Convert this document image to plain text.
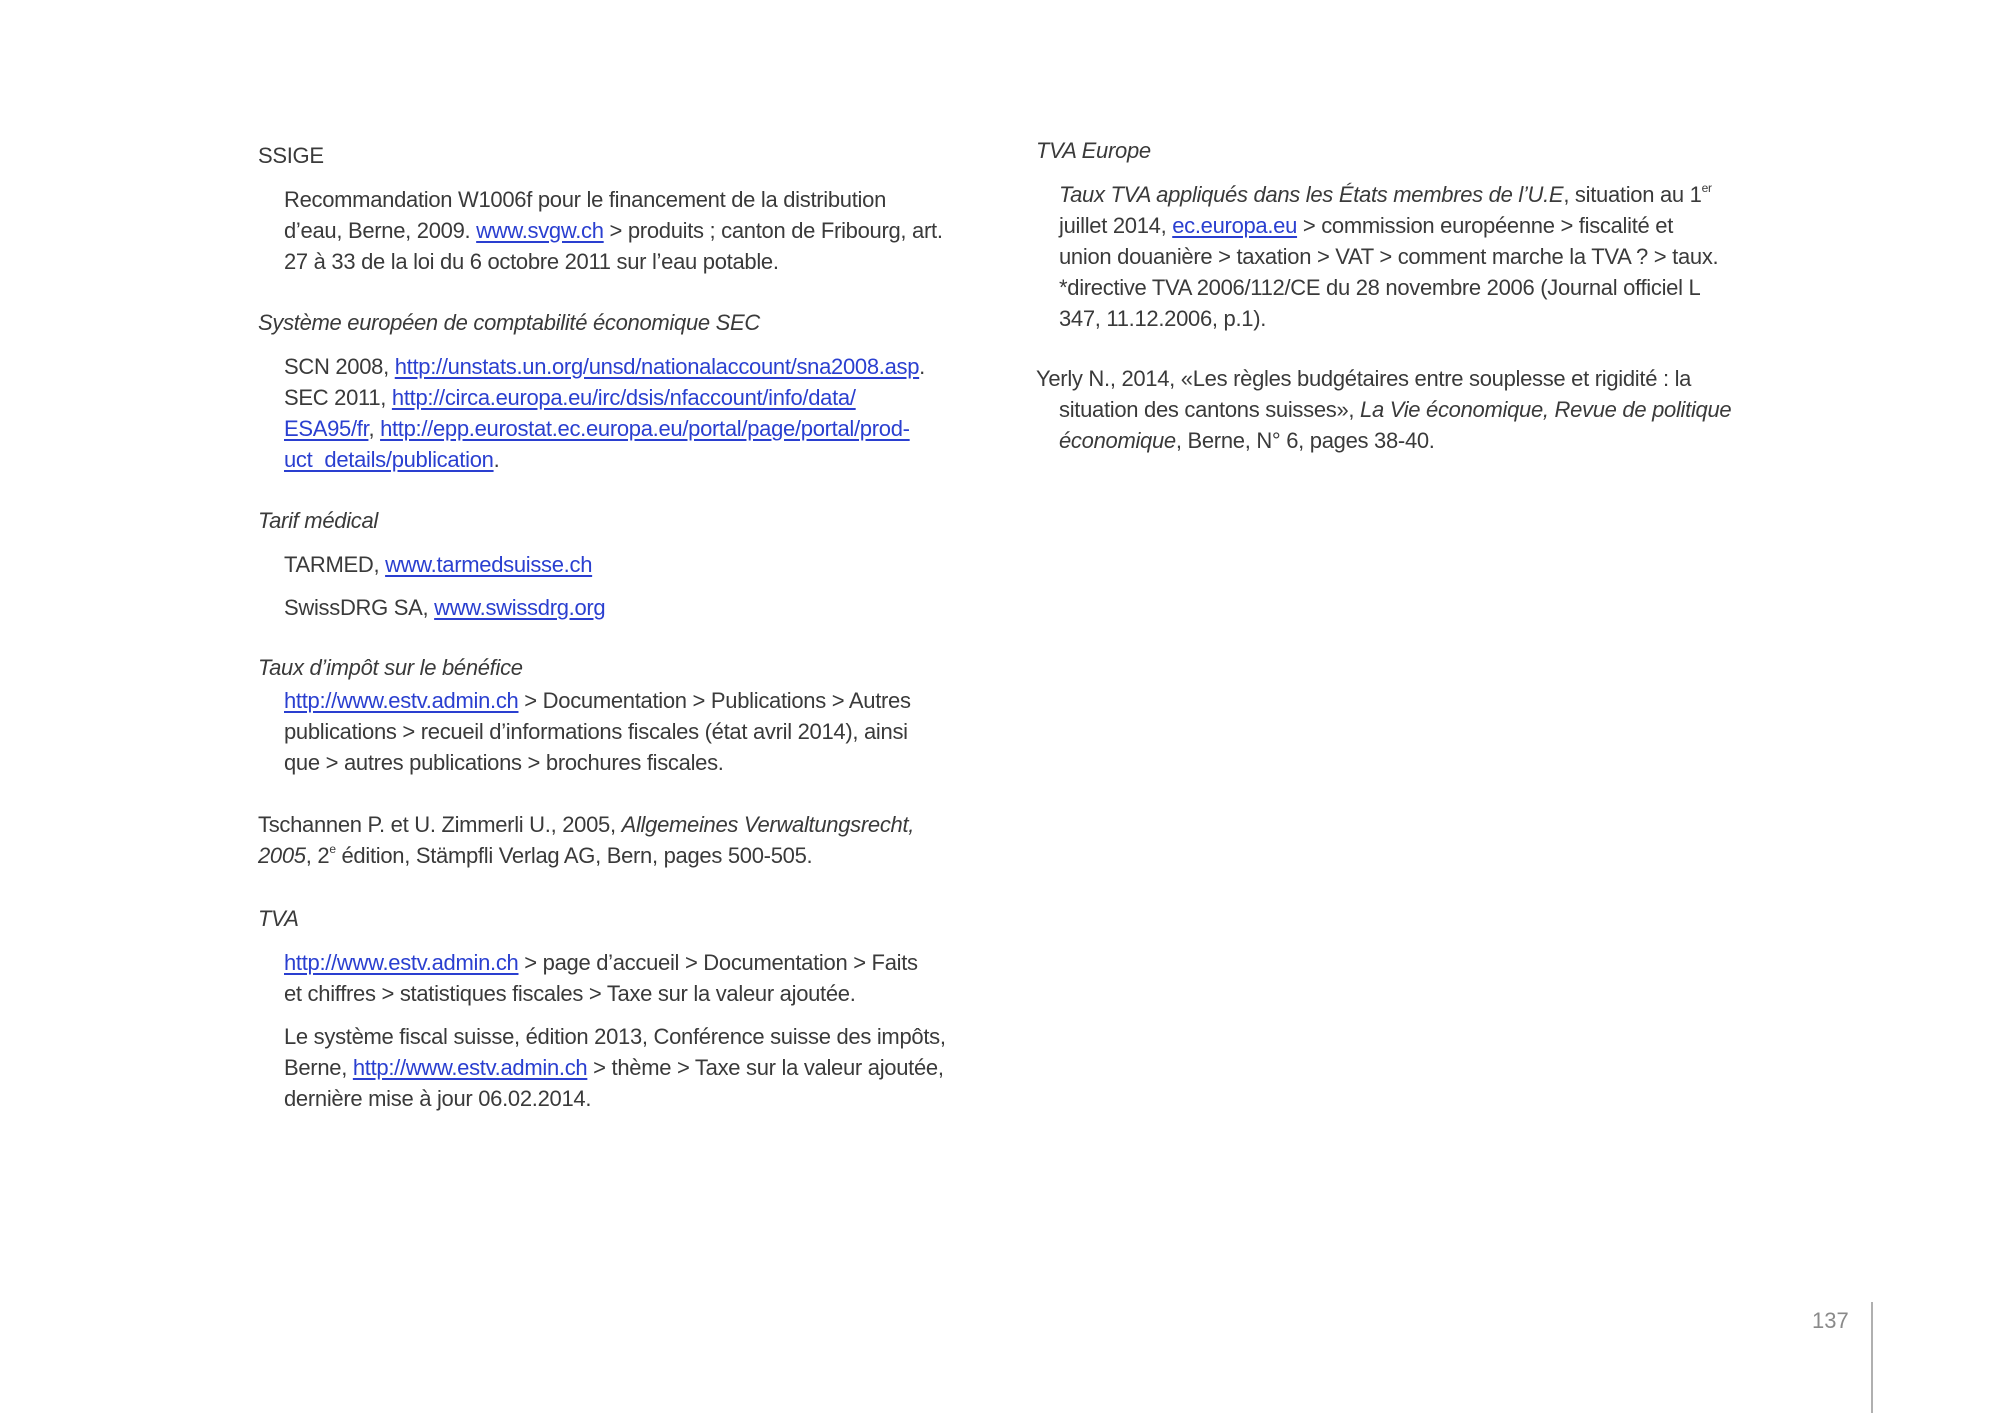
SSIGE
Recommandation W1006f pour le financement de la distribution
d’eau, Berne, 2009. www.svgw.ch > produits ; canton de Fribourg, art.
27 à 33 de la loi du 6 octobre 2011 sur l’eau potable.
Système européen de comptabilité économique SEC
SCN 2008, http://unstats.un.org/unsd/nationalaccount/sna2008.asp.
SEC 2011, http://circa.europa.eu/irc/dsis/nfaccount/info/data/
ESA95/fr, http://epp.eurostat.ec.europa.eu/portal/page/portal/prod-
uct_details/publication.
Tarif médical
TARMED, www.tarmedsuisse.ch
SwissDRG SA, www.swissdrg.org
Taux d’impôt sur le bénéfice
http://www.estv.admin.ch > Documentation > Publications > Autres
publications > recueil d’informations fiscales (état avril 2014), ainsi
que > autres publications > brochures fiscales.
Tschannen P. et U. Zimmerli U., 2005, Allgemeines Verwaltungsrecht,
2005, 2e édition, Stämpfli Verlag AG, Bern, pages 500-505.
TVA
http://www.estv.admin.ch > page d’accueil > Documentation > Faits
et chiffres > statistiques fiscales > Taxe sur la valeur ajoutée.
Le système fiscal suisse, édition 2013, Conférence suisse des impôts,
Berne, http://www.estv.admin.ch > thème > Taxe sur la valeur ajoutée,
dernière mise à jour 06.02.2014.
TVA Europe
Taux TVA appliqués dans les États membres de l’U.E, situation au 1er
juillet 2014, ec.europa.eu > commission européenne > fiscalité et
union douanière > taxation > VAT > comment marche la TVA ? > taux.
*directive TVA 2006/112/CE du 28 novembre 2006 (Journal officiel L
347, 11.12.2006, p.1).
Yerly N., 2014, «Les règles budgétaires entre souplesse et rigidité : la
situation des cantons suisses», La Vie économique, Revue de politique
économique, Berne, N° 6, pages 38-40.
137
